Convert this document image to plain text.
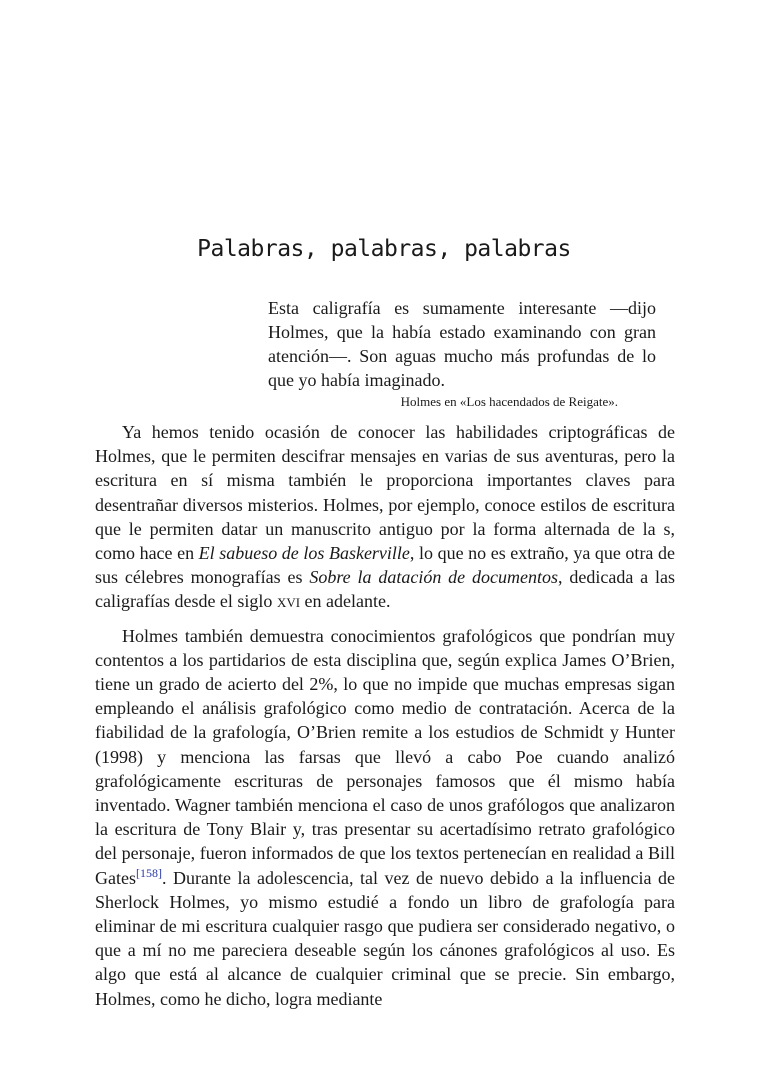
Palabras, palabras, palabras

Esta caligrafía es sumamente interesante —dijo Holmes, que la había estado examinando con gran atención—. Son aguas mucho más profundas de lo que yo había imaginado.

Holmes en «Los hacendados de Reigate».

Ya hemos tenido ocasión de conocer las habilidades criptográficas de Holmes, que le permiten descifrar mensajes en varias de sus aventuras, pero la escritura en sí misma también le proporciona importantes claves para desentrañar diversos misterios. Holmes, por ejemplo, conoce estilos de escritura que le permiten datar un manuscrito antiguo por la forma alternada de la s, como hace en El sabueso de los Baskerville, lo que no es extraño, ya que otra de sus célebres monografías es Sobre la datación de documentos, dedicada a las caligrafías desde el siglo xvi en adelante.

Holmes también demuestra conocimientos grafológicos que pondrían muy contentos a los partidarios de esta disciplina que, según explica James O’Brien, tiene un grado de acierto del 2%, lo que no impide que muchas empresas sigan empleando el análisis grafológico como medio de contratación. Acerca de la fiabilidad de la grafología, O’Brien remite a los estudios de Schmidt y Hunter (1998) y menciona las farsas que llevó a cabo Poe cuando analizó grafológicamente escrituras de personajes famosos que él mismo había inventado. Wagner también menciona el caso de unos grafólogos que analizaron la escritura de Tony Blair y, tras presentar su acertadísimo retrato grafológico del personaje, fueron informados de que los textos pertenecían en realidad a Bill Gates[158]. Durante la adolescencia, tal vez de nuevo debido a la influencia de Sherlock Holmes, yo mismo estudié a fondo un libro de grafología para eliminar de mi escritura cualquier rasgo que pudiera ser considerado negativo, o que a mí no me pareciera deseable según los cánones grafológicos al uso. Es algo que está al alcance de cualquier criminal que se precie. Sin embargo, Holmes, como he dicho, logra mediante
